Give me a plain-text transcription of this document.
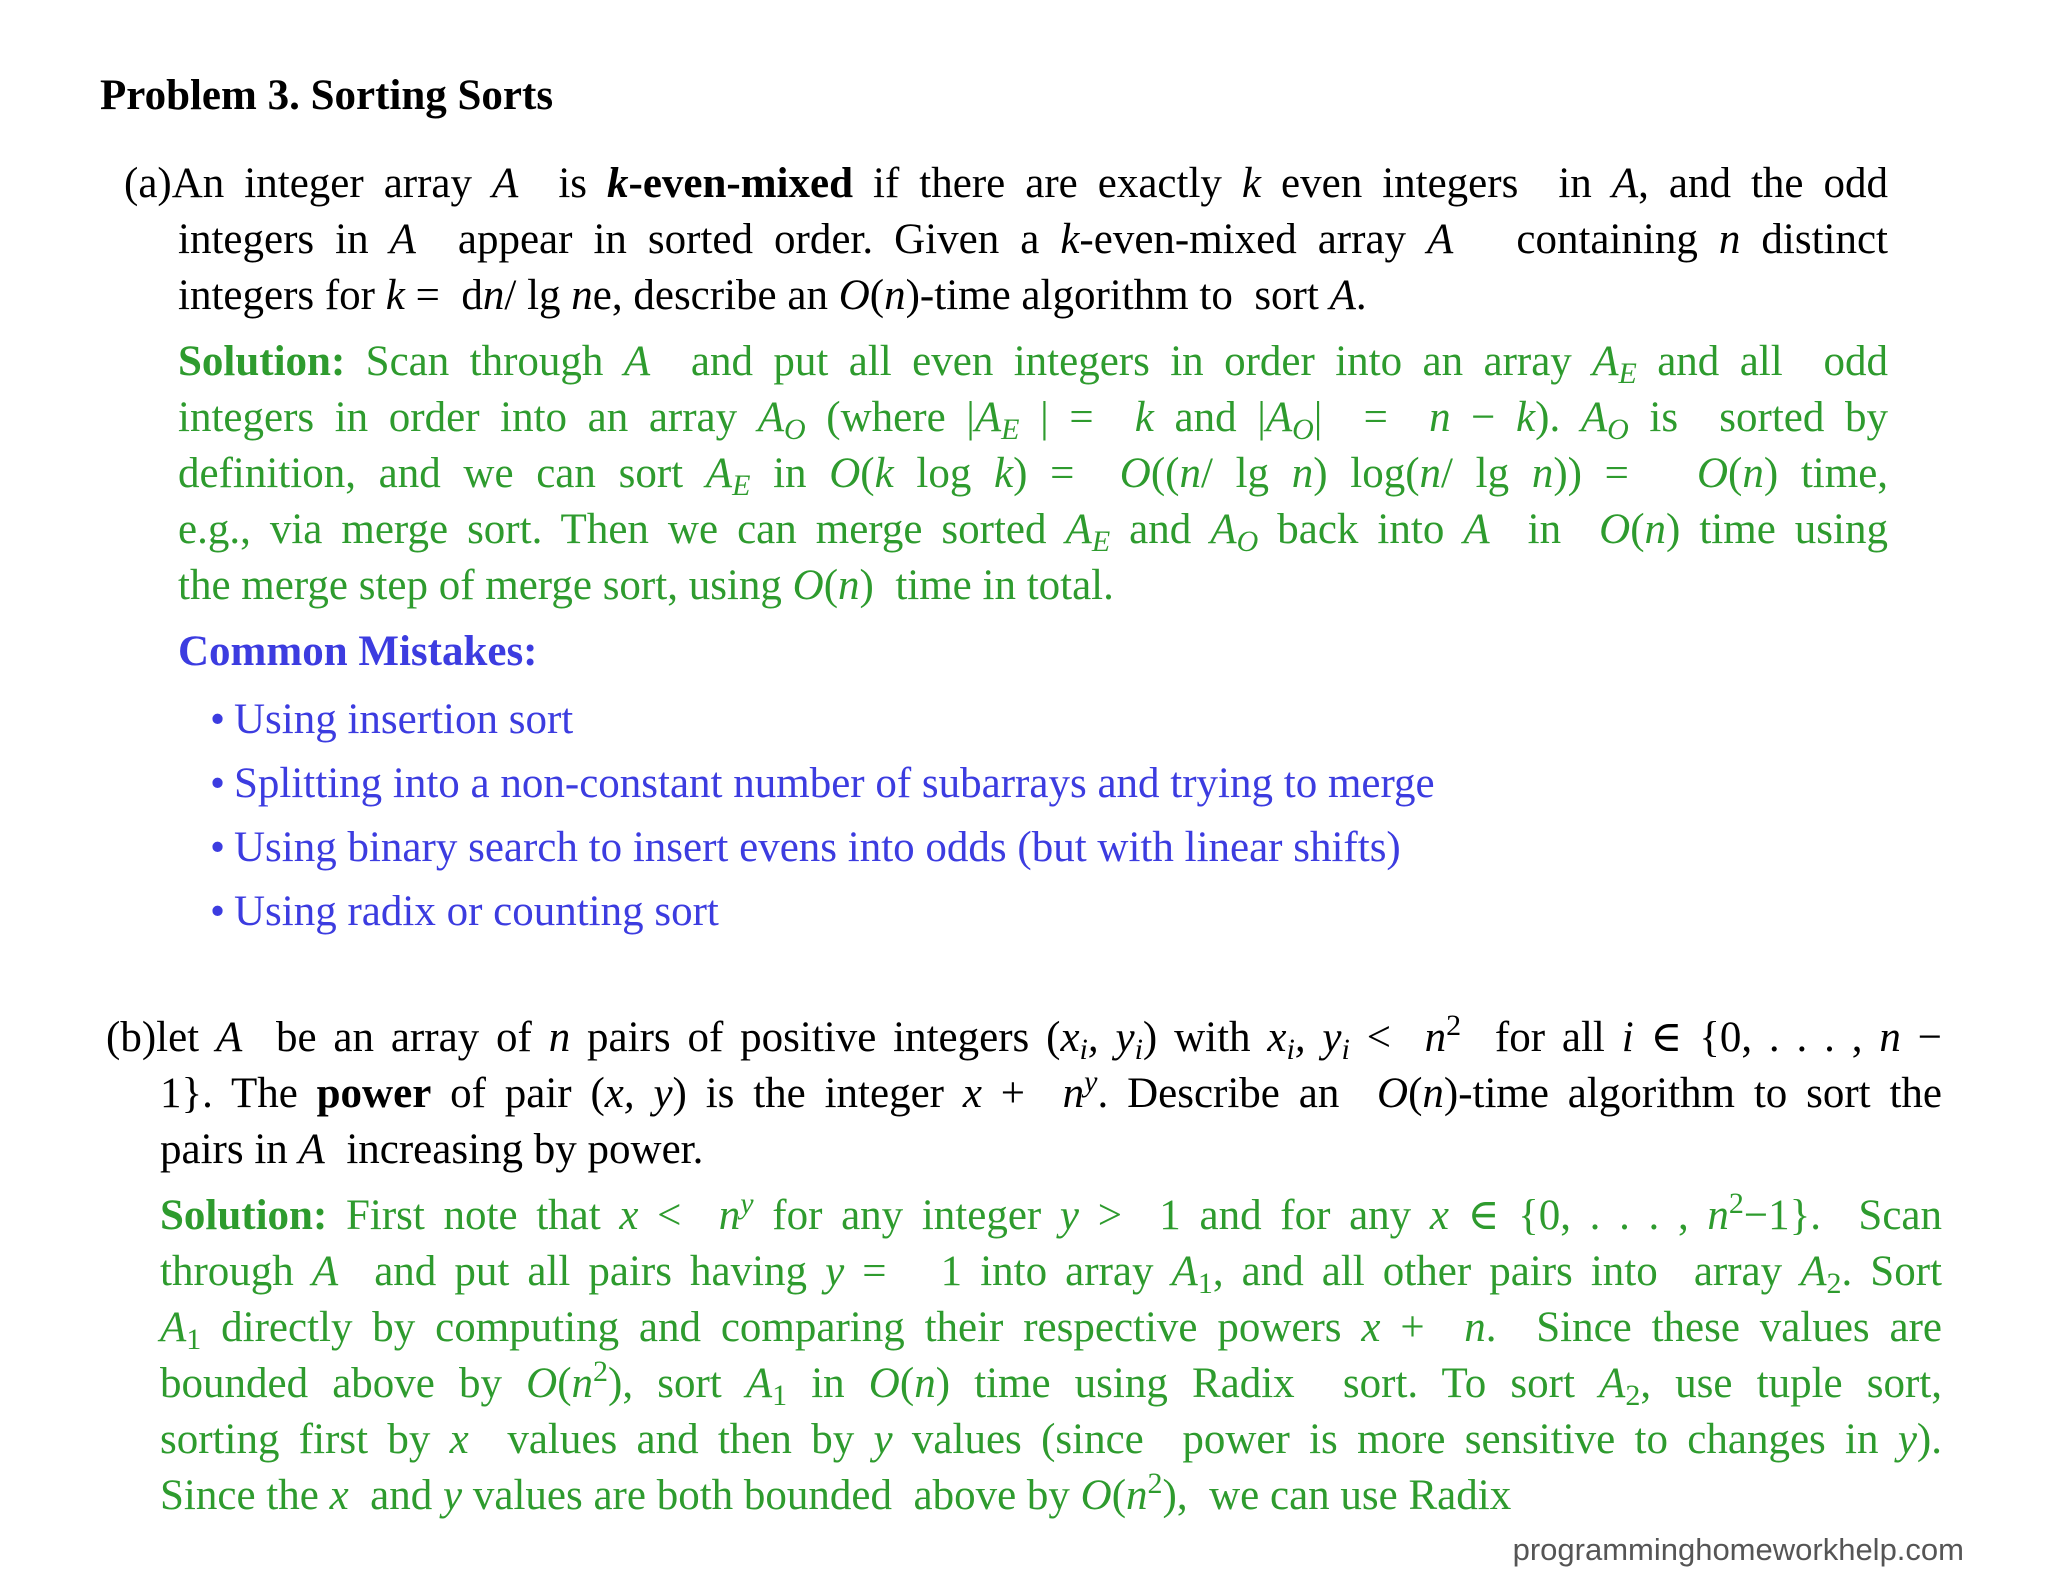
Problem 3. Sorting Sorts
(a)An integer array A  is k-even-mixed if there are exactly k even integers  in A, and the odd
integers in A  appear in sorted order. Given a k-even-mixed array A   containing n distinct
integers for k =  dn/ lg ne, describe an O(n)-time algorithm to  sort A.
Solution: Scan through A  and put all even integers in order into an array $A_E$ and all  odd
integers in order into an array $A_O$ (where $|A_E$ | =  k and $|A_O| = n - k$). $A_O$ is  sorted by
definition, and we can sort $A_E$ in O(k log k) =  O((n/ lg n) log(n/ lg n)) =   O(n) time,
e.g., via merge sort. Then we can merge sorted $A_E$ and $A_O$ back into A  in  O(n) time using
the merge step of merge sort, using O(n)  time in total.
Common Mistakes:
• Using insertion sort
• Splitting into a non-constant number of subarrays and trying to merge
• Using binary search to insert evens into odds (but with linear shifts)
• Using radix or counting sort
(b)let A  be an array of n pairs of positive integers ($x_i$, $y_i$) with $x_i$, $y_i < n^2$  for all i ∈ {0, . . . , n −
1}. The power of pair (x, y) is the integer $x + n^y$. Describe an  O(n)-time algorithm to sort the
pairs in A  increasing by power.
Solution: First note that $x < n^y$ for any integer y >  1 and for any x ∈ {0, . . . , $n^2-1$}.  Scan
through A  and put all pairs having y =   1 into array $A_1$, and all other pairs into  array $A_2$. Sort
$A_1$ directly by computing and comparing their respective powers x +  n.  Since these values are
bounded above by $O(n^2)$, sort $A_1$ in O(n) time using Radix  sort. To sort $A_2$, use tuple sort,
sorting first by x  values and then by y values (since  power is more sensitive to changes in y).
Since the x  and y values are both bounded  above by $O(n^2)$,  we can use Radix
programminghomeworkhelp.com
